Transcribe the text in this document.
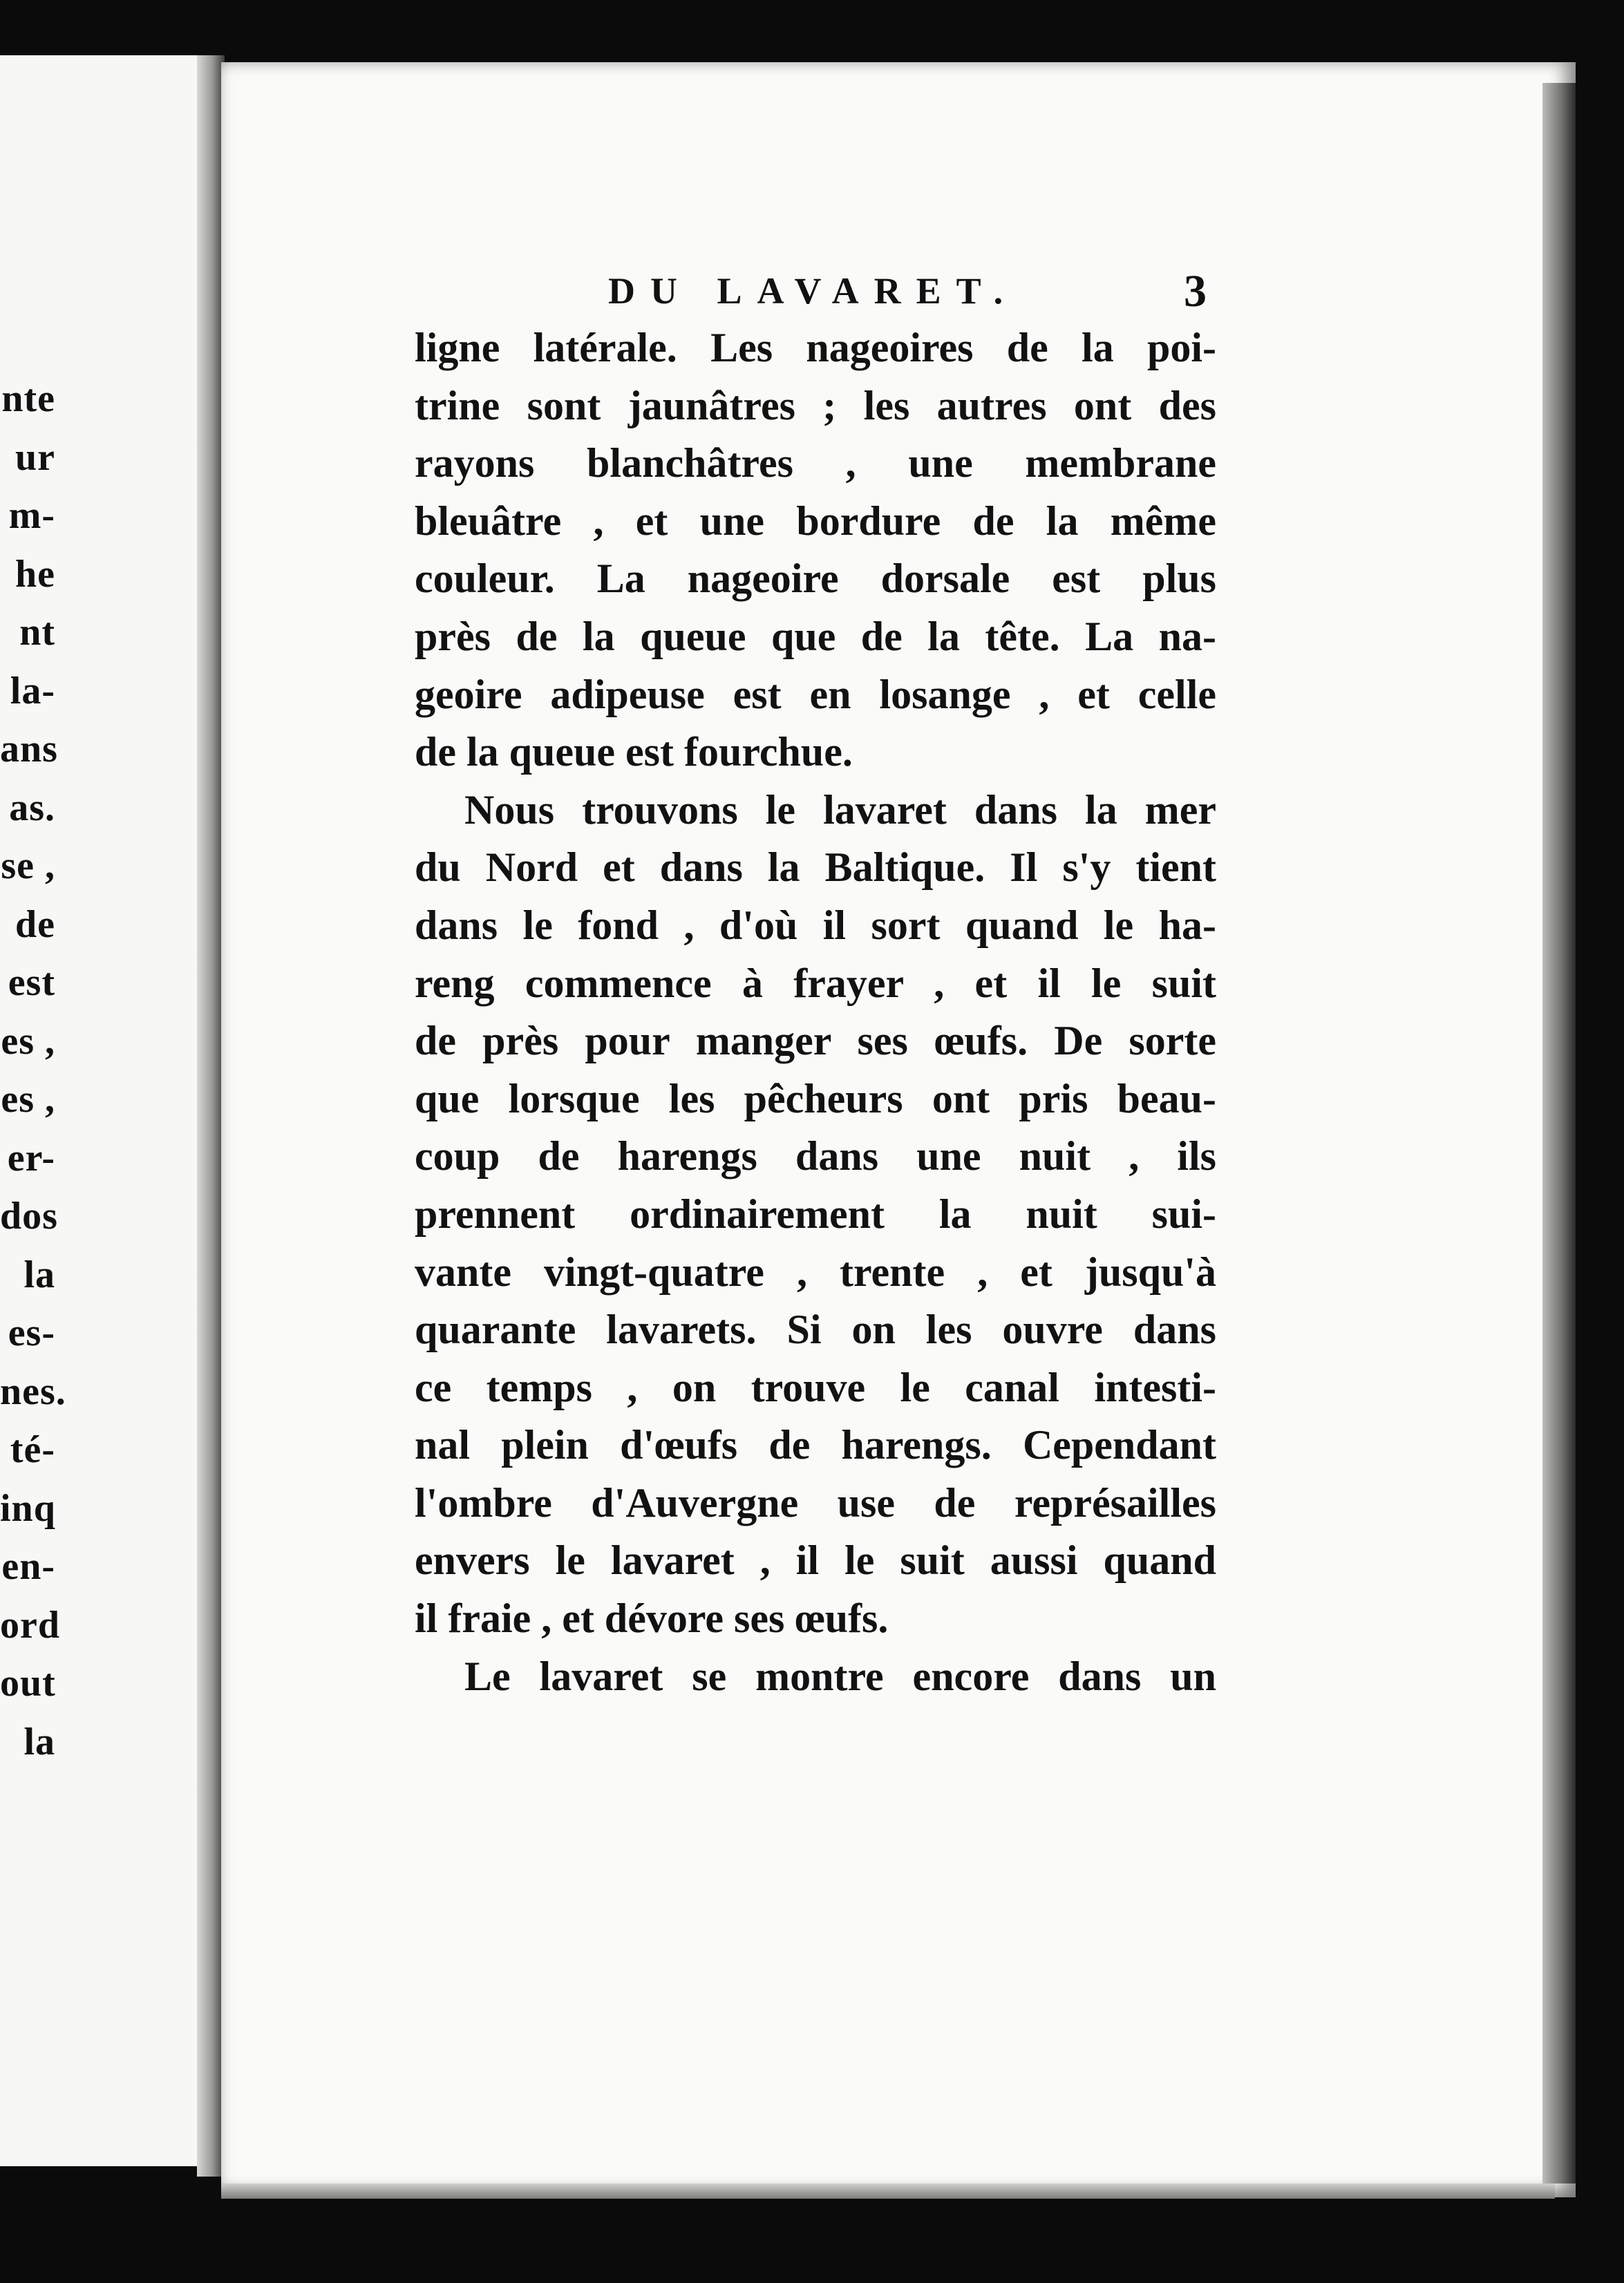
nte
ur
m-
he
nt
la-
ans
as.
se ,
de
est
es ,
es ,
er-
dos
la
es-
nes.
té-
inq
en-
ord
out
la
DU LAVARET.	3
ligne latérale. Les nageoires de la poi-
trine sont jaunâtres ; les autres ont des
rayons blanchâtres , une membrane
bleuâtre , et une bordure de la même
couleur. La nageoire dorsale est plus
près de la queue que de la tête. La na-
geoire adipeuse est en losange , et celle
de la queue est fourchue.
Nous trouvons le lavaret dans la mer
du Nord et dans la Baltique. Il s'y tient
dans le fond , d'où il sort quand le ha-
reng commence à frayer , et il le suit
de près pour manger ses œufs. De sorte
que lorsque les pêcheurs ont pris beau-
coup de harengs dans une nuit , ils
prennent ordinairement la nuit sui-
vante vingt-quatre , trente , et jusqu'à
quarante lavarets. Si on les ouvre dans
ce temps , on trouve le canal intesti-
nal plein d'œufs de harengs. Cependant
l'ombre d'Auvergne use de représailles
envers le lavaret , il le suit aussi quand
il fraie , et dévore ses œufs.
Le lavaret se montre encore dans un
